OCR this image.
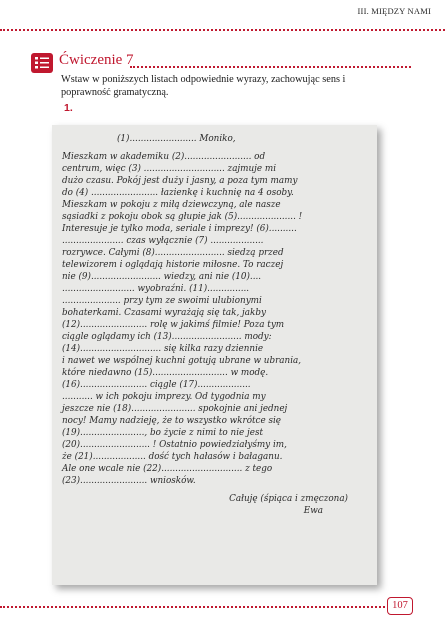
III. MIĘDZY NAMI
Ćwiczenie 7
Wstaw w poniższych listach odpowiednie wyrazy, zachowując sens i poprawność gramatyczną.
1.
(1)........................ Moniko,
Mieszkam w akademiku (2)........................ od
centrum, więc (3) ............................. zajmuje mi
dużo czasu. Pokój jest duży i jasny, a poza tym mamy
do (4) ........................ łazienkę i kuchnię na 4 osoby.
Mieszkam w pokoju z miłą dziewczyną, ale nasze
sąsiadki z pokoju obok są głupie jak (5)..................... !
Interesuje je tylko moda, seriale i imprezy! (6)..........
...................... czas wyłącznie (7) ...................
rozrywce. Całymi (8)......................... siedzą przed
telewizorem i oglądają historie miłosne. To raczej
nie (9)......................... wiedzy, ani nie (10)....
.......................... wyobraźni. (11)...............
..................... przy tym ze swoimi ulubionymi
bohaterkami. Czasami wyrażają się tak, jakby
(12)........................ rolę w jakimś filmie! Poza tym
ciągle oglądamy ich (13)......................... mody:
(14)............................. się kilka razy dziennie
i nawet we wspólnej kuchni gotują ubrane w ubrania,
które niedawno (15)........................... w modę.
(16)........................ ciągle (17)...................
........... w ich pokoju imprezy. Od tygodnia my
jeszcze nie (18)....................... spokojnie ani jednej
nocy! Mamy nadzieję, że to wszystko wkrótce się
(19)......................., bo życie z nimi to nie jest
(20)......................... ! Ostatnio powiedziałyśmy im,
że (21)................... dość tych hałasów i bałaganu.
Ale one wcale nie (22)............................. z tego
(23)........................ wniosków.
Całuję (śpiąca i zmęczona)
Ewa
107
